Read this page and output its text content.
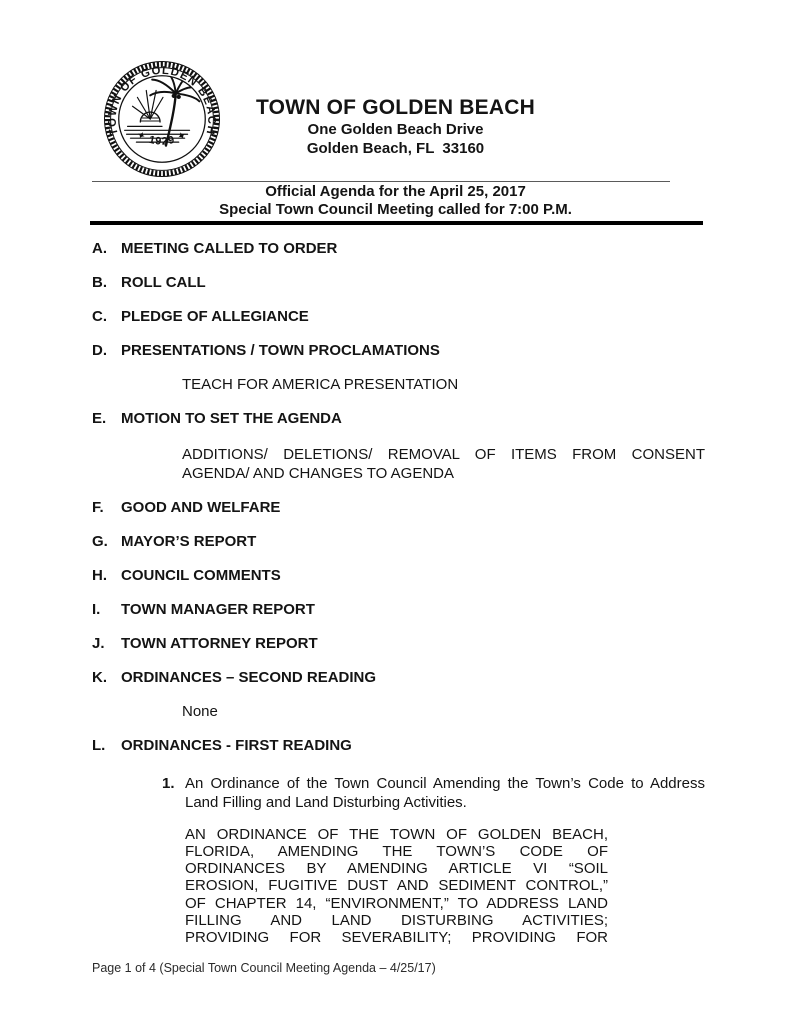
TOWN OF GOLDEN BEACH
✦ 1929 ✦
TOWN OF GOLDEN BEACH
One Golden Beach Drive
Golden Beach, FL  33160
Official Agenda for the April 25, 2017
Special Town Council Meeting called for 7:00 P.M.
A. MEETING CALLED TO ORDER
B. ROLL CALL
C. PLEDGE OF ALLEGIANCE
D. PRESENTATIONS / TOWN PROCLAMATIONS
TEACH FOR AMERICA PRESENTATION
E. MOTION TO SET THE AGENDA
ADDITIONS/ DELETIONS/ REMOVAL OF ITEMS FROM CONSENT
AGENDA/ AND CHANGES TO AGENDA
F.	GOOD AND WELFARE
G. MAYOR’S REPORT
H. COUNCIL COMMENTS
I.	TOWN MANAGER REPORT
J.	TOWN ATTORNEY REPORT
K. ORDINANCES – SECOND READING
None
L.	ORDINANCES - FIRST READING
1. An Ordinance of the Town Council Amending the Town’s Code to Address
Land Filling and Land Disturbing Activities.
AN ORDINANCE OF THE TOWN OF GOLDEN BEACH,
FLORIDA, AMENDING THE TOWN’S CODE OF
ORDINANCES BY AMENDING ARTICLE VI “SOIL
EROSION, FUGITIVE DUST AND SEDIMENT CONTROL,”
OF CHAPTER 14, “ENVIRONMENT,” TO ADDRESS LAND
FILLING AND LAND DISTURBING ACTIVITIES;
PROVIDING FOR SEVERABILITY; PROVIDING FOR
Page 1 of 4 (Special Town Council Meeting Agenda – 4/25/17)
